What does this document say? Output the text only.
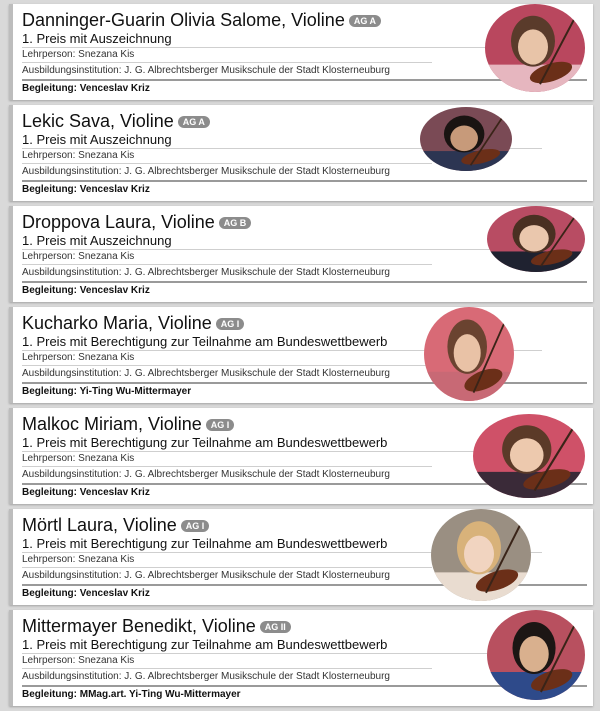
Danninger-Guarin Olivia Salome, Violine AG A
1. Preis mit Auszeichnung
Lehrperson: Snezana Kis
Ausbildungsinstitution: J. G. Albrechtsberger Musikschule der Stadt Klosterneuburg
Begleitung: Venceslav Kriz
Lekic Sava, Violine AG A
1. Preis mit Auszeichnung
Lehrperson: Snezana Kis
Ausbildungsinstitution: J. G. Albrechtsberger Musikschule der Stadt Klosterneuburg
Begleitung: Venceslav Kriz
Droppova Laura, Violine AG B
1. Preis mit Auszeichnung
Lehrperson: Snezana Kis
Ausbildungsinstitution: J. G. Albrechtsberger Musikschule der Stadt Klosterneuburg
Begleitung: Venceslav Kriz
Kucharko Maria, Violine AG I
1. Preis mit Berechtigung zur Teilnahme am Bundeswettbewerb
Lehrperson: Snezana Kis
Ausbildungsinstitution: J. G. Albrechtsberger Musikschule der Stadt Klosterneuburg
Begleitung: Yi-Ting Wu-Mittermayer
Malkoc Miriam, Violine AG I
1. Preis mit Berechtigung zur Teilnahme am Bundeswettbewerb
Lehrperson: Snezana Kis
Ausbildungsinstitution: J. G. Albrechtsberger Musikschule der Stadt Klosterneuburg
Begleitung: Venceslav Kriz
Mörtl Laura, Violine AG I
1. Preis mit Berechtigung zur Teilnahme am Bundeswettbewerb
Lehrperson: Snezana Kis
Ausbildungsinstitution: J. G. Albrechtsberger Musikschule der Stadt Klosterneuburg
Begleitung: Venceslav Kriz
Mittermayer Benedikt, Violine AG II
1. Preis mit Berechtigung zur Teilnahme am Bundeswettbewerb
Lehrperson: Snezana Kis
Ausbildungsinstitution: J. G. Albrechtsberger Musikschule der Stadt Klosterneuburg
Begleitung: MMag.art. Yi-Ting Wu-Mittermayer
